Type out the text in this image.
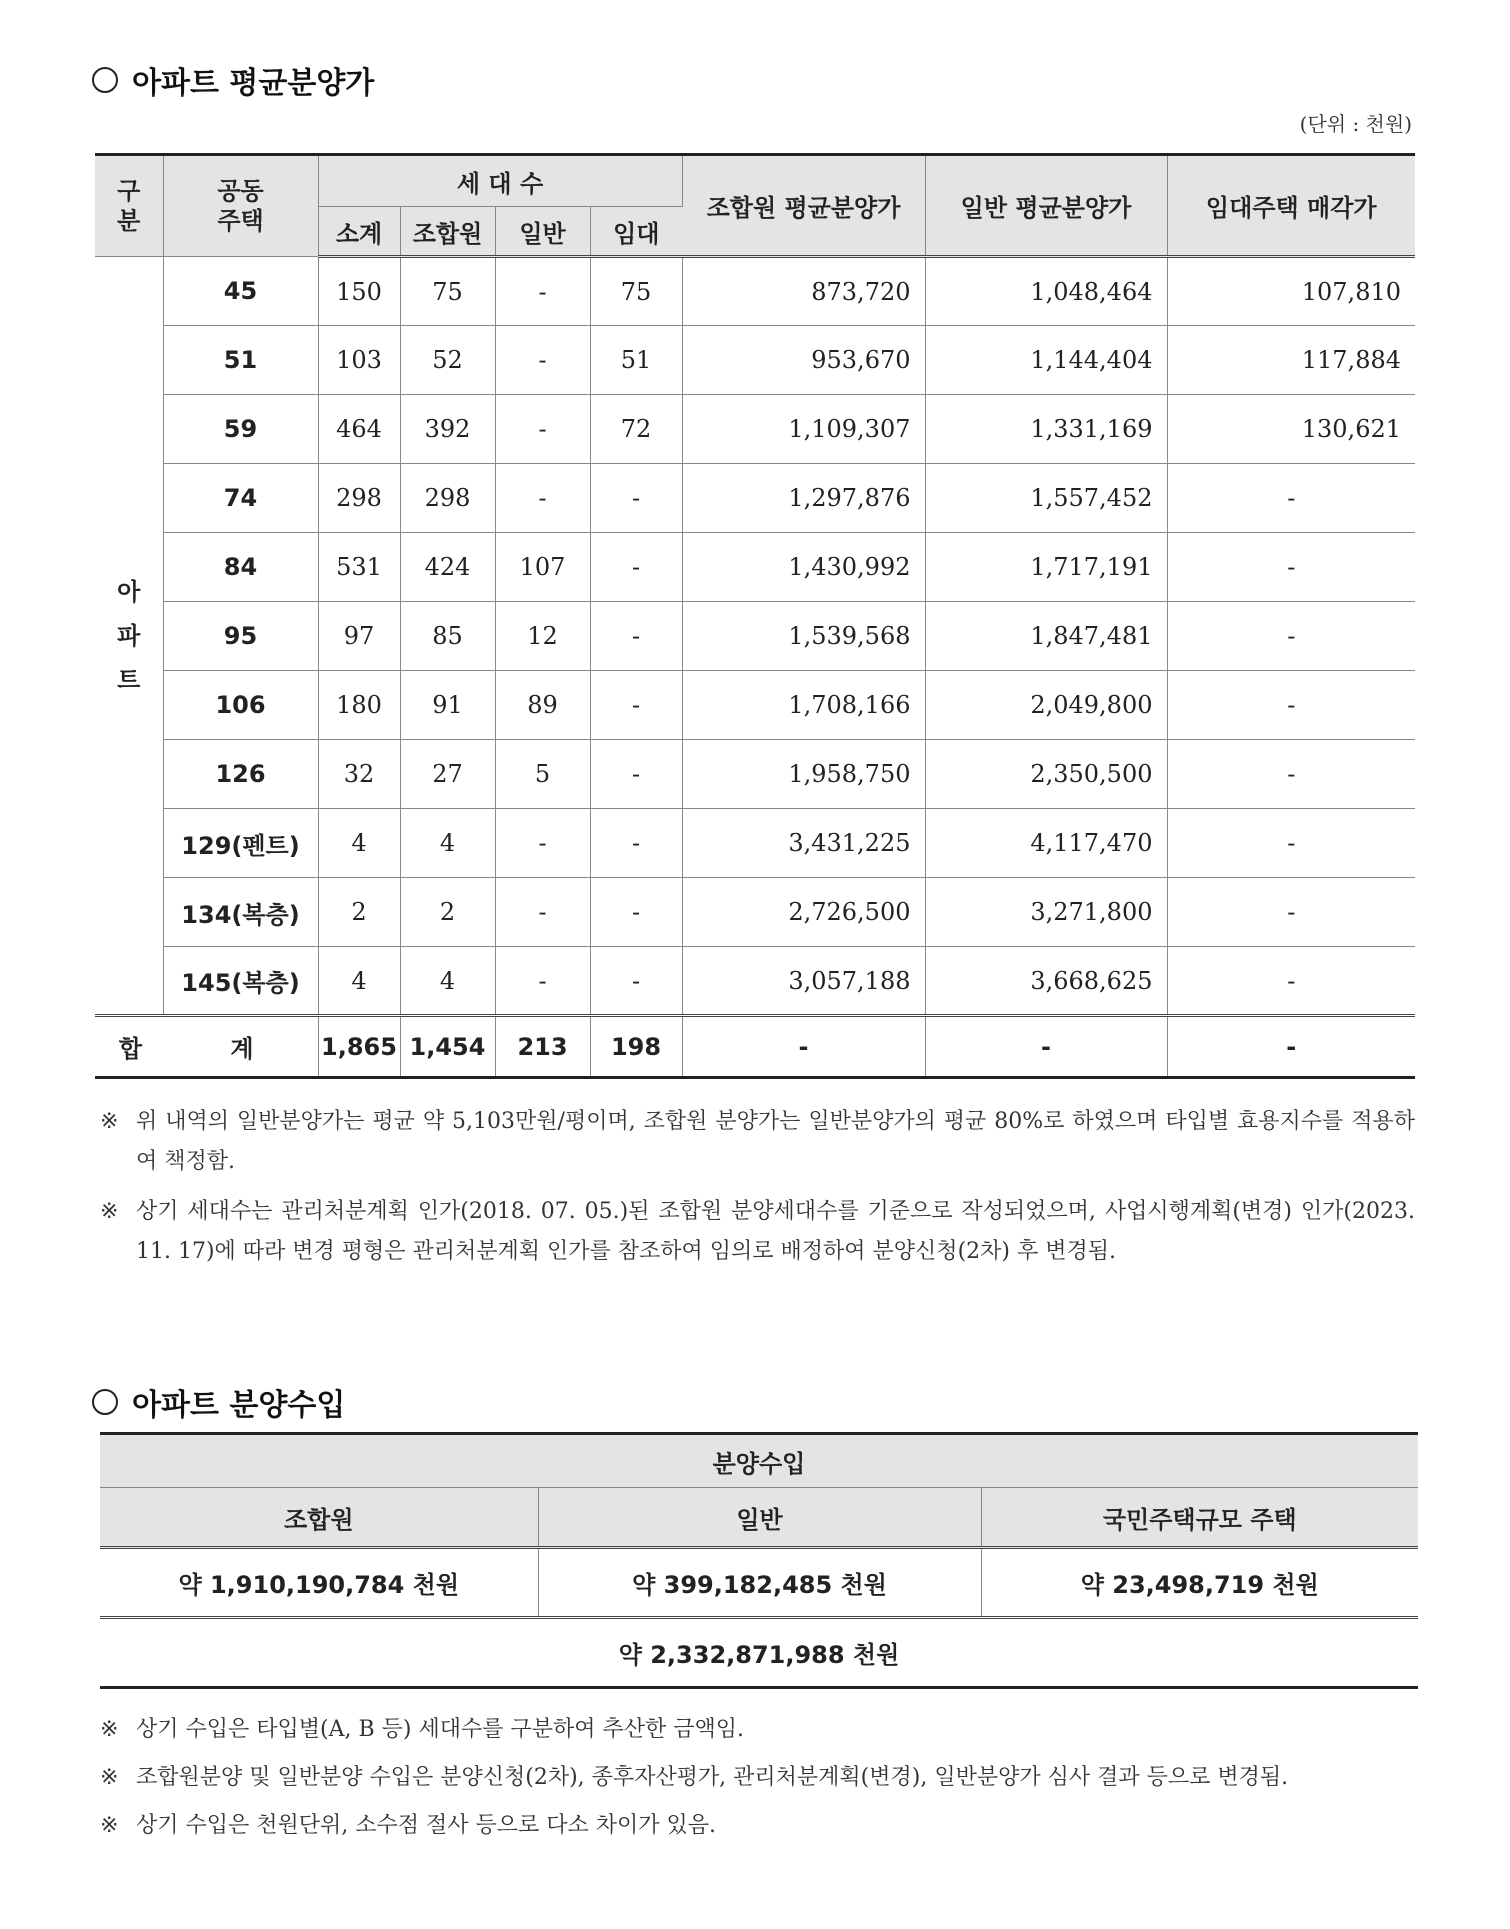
아파트 평균분양가
(단위 : 천원)
구
분	공동
주택	세 대 수				조합원 평균분양가	일반 평균분양가	임대주택 매각가
		소계	조합원	일반	임대			
아
파
트	45	150	75	-	75	873,720	1,048,464	107,810
	51	103	52	-	51	953,670	1,144,404	117,884
	59	464	392	-	72	1,109,307	1,331,169	130,621
	74	298	298	-	-	1,297,876	1,557,452	-
	84	531	424	107	-	1,430,992	1,717,191	-
	95	97	85	12	-	1,539,568	1,847,481	-
	106	180	91	89	-	1,708,166	2,049,800	-
	126	32	27	5	-	1,958,750	2,350,500	-
	129(펜트)	4	4	-	-	3,431,225	4,117,470	-
	134(복층)	2	2	-	-	2,726,500	3,271,800	-
	145(복층)	4	4	-	-	3,057,188	3,668,625	-
합 계		1,865	1,454	213	198	-	-	-
※ 위 내역의 일반분양가는 평균 약 5,103만원/평이며, 조합원 분양가는 일반분양가의 평균 80%로 하였으며 타입별 효용지수를 적용하여 책정함.
※ 상기 세대수는 관리처분계획 인가(2018. 07. 05.)된 조합원 분양세대수를 기준으로 작성되었으며, 사업시행계획(변경) 인가(2023. 11. 17)에 따라 변경 평형은 관리처분계획 인가를 참조하여 임의로 배정하여 분양신청(2차) 후 변경됨.
아파트 분양수입
분양수입		
조합원	일반	국민주택규모 주택
약 1,910,190,784 천원	약 399,182,485 천원	약 23,498,719 천원
약 2,332,871,988 천원		
※ 상기 수입은 타입별(A, B 등) 세대수를 구분하여 추산한 금액임.
※ 조합원분양 및 일반분양 수입은 분양신청(2차), 종후자산평가, 관리처분계획(변경), 일반분양가 심사 결과 등으로 변경됨.
※ 상기 수입은 천원단위, 소수점 절사 등으로 다소 차이가 있음.
